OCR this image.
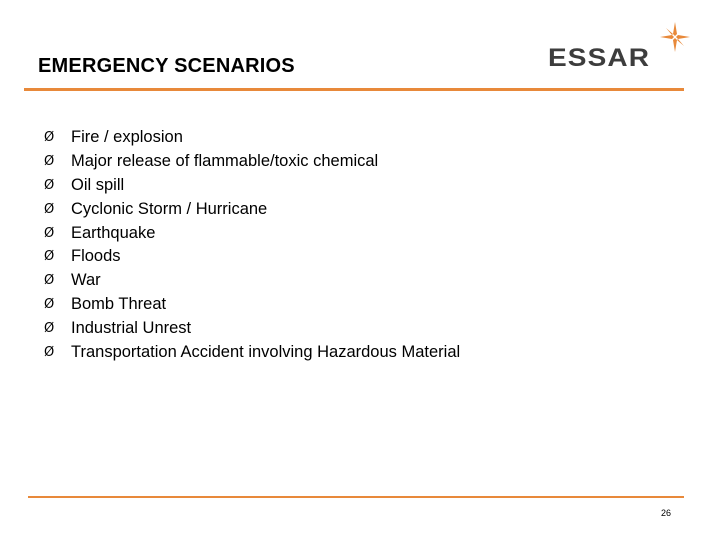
EMERGENCY SCENARIOS	ESSAR
Ø	Fire / explosion
Ø	Major release of flammable/toxic chemical
Ø	Oil spill
Ø	Cyclonic Storm / Hurricane
Ø	Earthquake
Ø	Floods
Ø	War
Ø	Bomb Threat
Ø	Industrial Unrest
Ø	Transportation Accident involving Hazardous Material
26
